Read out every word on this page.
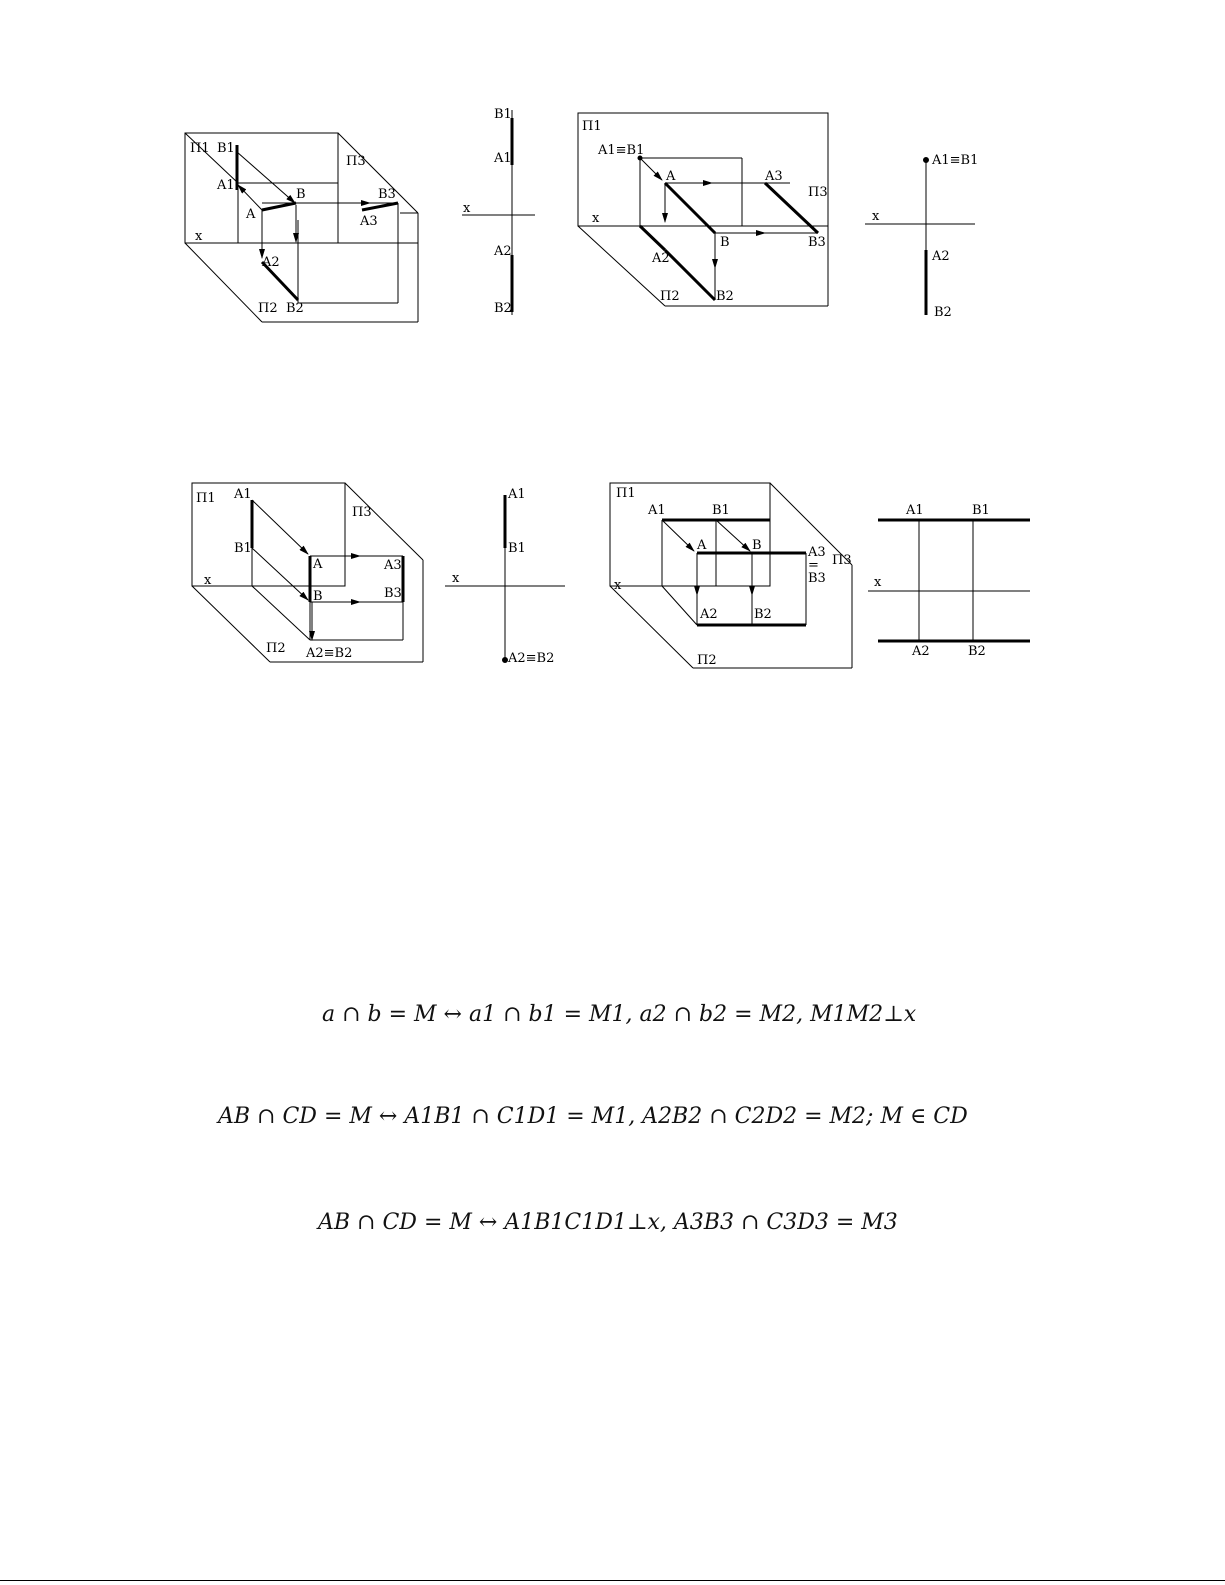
Π1
Π2
Π3
x
A
B
A1
B1
A2
B2
A3
B3
x
B1
A1
A2
B2
Π1
Π2
Π3
x
A1≡B1
A	A3
B	B3
A2
B2
x
A1≡B1
A2
B2
Π1
Π2
Π3
x
A1
B1
A	A3
B	B3
A2≡B2
x
A1
B1
A2≡B2
Π1
Π2
Π3
x
A1	B1
A	B	A3
=
B3
A2	B2
x
A1	B1
A2	B2
a ∩ b = M ↔ a1 ∩ b1 = M1, a2 ∩ b2 = M2, M1M2⊥x
AB ∩ CD = M ↔ A1B1 ∩ C1D1 = M1, A2B2 ∩ C2D2 = M2; M ∈ CD
AB ∩ CD = M ↔ A1B1C1D1⊥x, A3B3 ∩ C3D3 = M3
